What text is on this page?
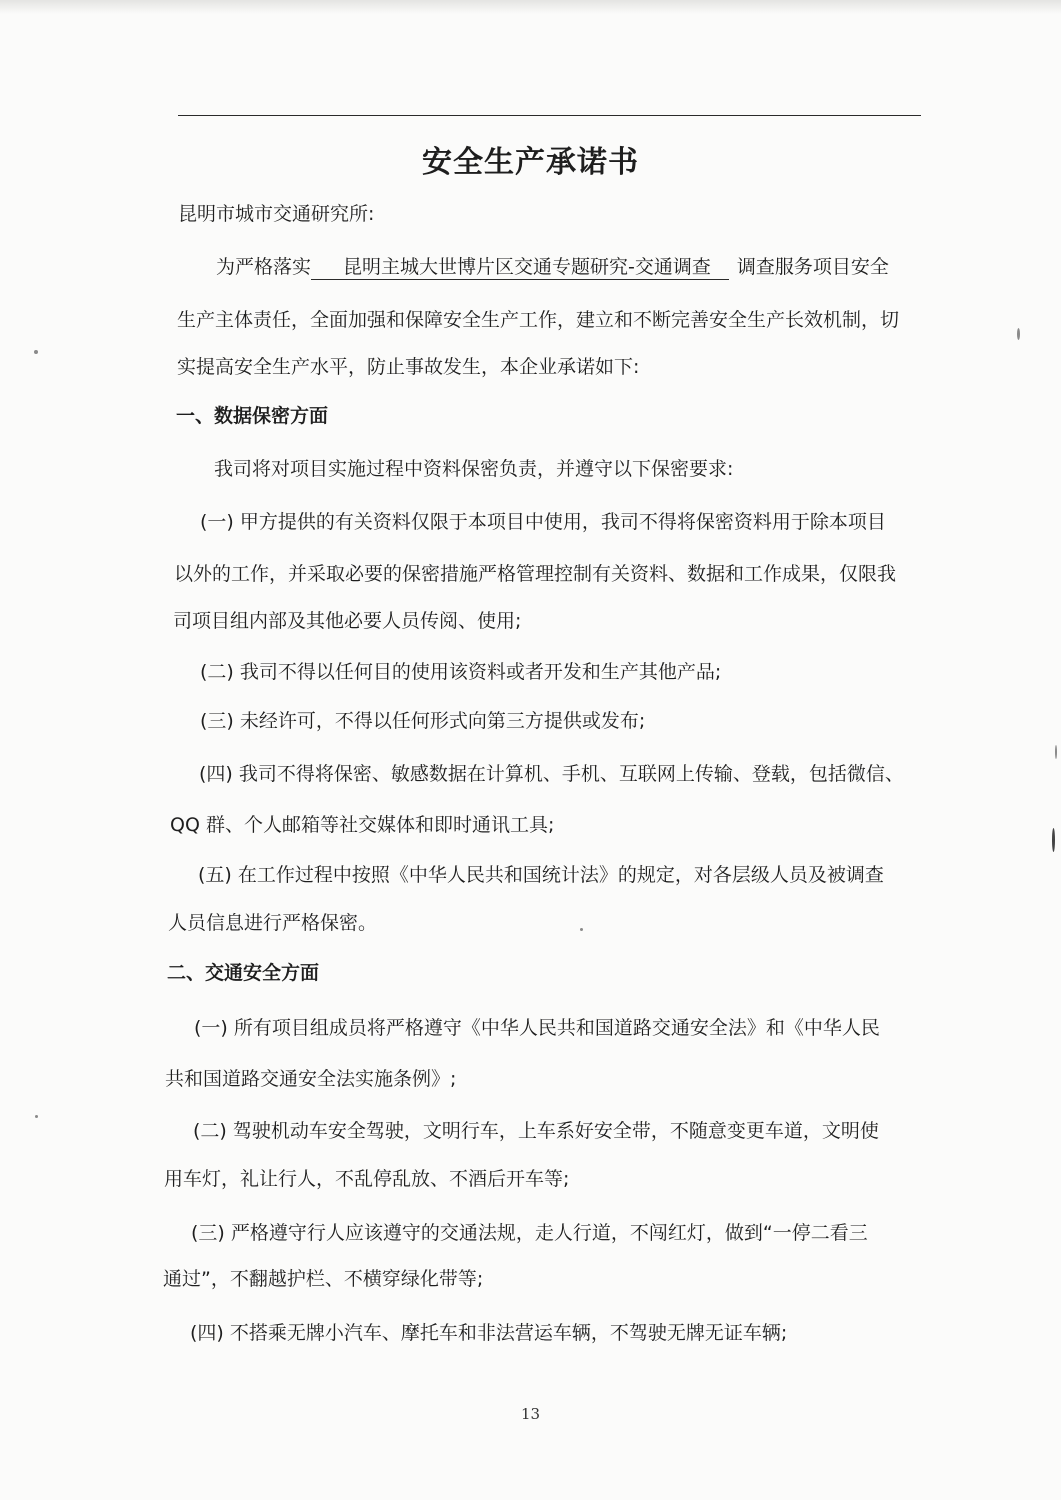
安全生产承诺书
昆明市城市交通研究所:
为严格落实 昆明主城大世博片区交通专题研究-交通调查 调查服务项目安全
生产主体责任，全面加强和保障安全生产工作，建立和不断完善安全生产长效机制，切
实提高安全生产水平，防止事故发生，本企业承诺如下:
一、数据保密方面
我司将对项目实施过程中资料保密负责，并遵守以下保密要求:
(一) 甲方提供的有关资料仅限于本项目中使用，我司不得将保密资料用于除本项目
以外的工作，并采取必要的保密措施严格管理控制有关资料、数据和工作成果，仅限我
司项目组内部及其他必要人员传阅、使用;
(二) 我司不得以任何目的使用该资料或者开发和生产其他产品;
(三) 未经许可，不得以任何形式向第三方提供或发布;
(四) 我司不得将保密、敏感数据在计算机、手机、互联网上传输、登载，包括微信、
QQ 群、个人邮箱等社交媒体和即时通讯工具;
(五) 在工作过程中按照《中华人民共和国统计法》的规定，对各层级人员及被调查
人员信息进行严格保密。
二、交通安全方面
(一) 所有项目组成员将严格遵守《中华人民共和国道路交通安全法》和《中华人民
共和国道路交通安全法实施条例》;
(二) 驾驶机动车安全驾驶，文明行车，上车系好安全带，不随意变更车道，文明使
用车灯，礼让行人，不乱停乱放、不酒后开车等;
(三) 严格遵守行人应该遵守的交通法规，走人行道，不闯红灯，做到“一停二看三
通过”，不翻越护栏、不横穿绿化带等;
(四) 不搭乘无牌小汽车、摩托车和非法营运车辆，不驾驶无牌无证车辆;
13
